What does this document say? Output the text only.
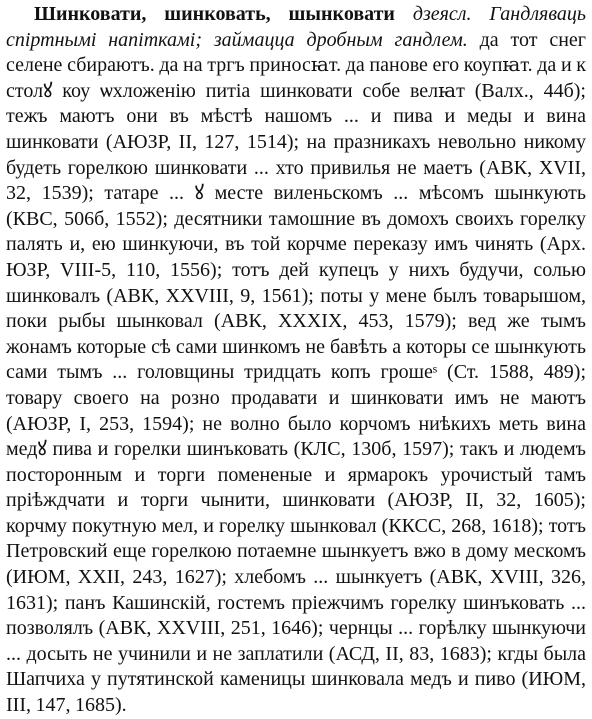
Шинковати, шинковать, шынковати дзеясл. Гандляваць спіртнымі напіткамі; займацца дробным гандлем. да тот снег селене сбираютъ. да на тргъ приносꙗт. да панове его коупꙗт. да и к столꙋ коу ѡхложенiю питiа шинковати собе велꙗт (Валх., 44б); тежъ маютъ они въ мѣстѣ нашомъ ... и пива и меды и вина шинковати (АЮЗР, II, 127, 1514); на празникахъ невольно никому будеть горелкою шинковати ... хто привилья не маетъ (АВК, XVII, 32, 1539); татаре ... ꙋ месте виленьскомъ ... мѣсомъ шынкують (КВС, 506б, 1552); десятники тамошние въ домохъ своихъ горелку палять и, ею шинкуючи, въ той корчме переказу имъ чинять (Арх. ЮЗР, VIII-5, 110, 1556); тотъ дей купецъ у нихъ будучи, солью шинковалъ (АВК, XXVIII, 9, 1561); поты у мене былъ товарышом, поки рыбы шынковал (АВК, XXXIX, 453, 1579); вед же тымъ жонамъ которые сѣ сами шинкомъ не бавѣть а которы се шынкують сами тымъ ... головщины тридцать копъ грошеˢ (Ст. 1588, 489); товару своего на розно продавати и шинковати имъ не маютъ (АЮЗР, I, 253, 1594); не волно было корчомъ ниѣкихъ меть вина медꙋ пива и горелки шинъковать (КЛС, 130б, 1597); такъ и людемъ посторонным и торги помененые и ярмарокъ урочистый тамъ прiѣждчати и торги чынити, шинковати (АЮЗР, II, 32, 1605); корчму покутную мел, и горелку шынковал (ККСС, 268, 1618); тотъ Петровский еще горелкою потаемне шынкуетъ вжо в дому мескомъ (ИЮМ, XXII, 243, 1627); хлебомъ ... шынкуетъ (АВК, XVIII, 326, 1631); панъ Кашинскiй, гостемъ прiежчимъ горелку шинъковать ... позволялъ (АВК, XXVIII, 251, 1646); чернцы ... горѣлку шынкуючи ... досыть не учинили и не заплатили (АСД, II, 83, 1683); кгды была Шапчиха у путятинской каменицы шинковала медъ и пиво (ИЮМ, III, 147, 1685).
